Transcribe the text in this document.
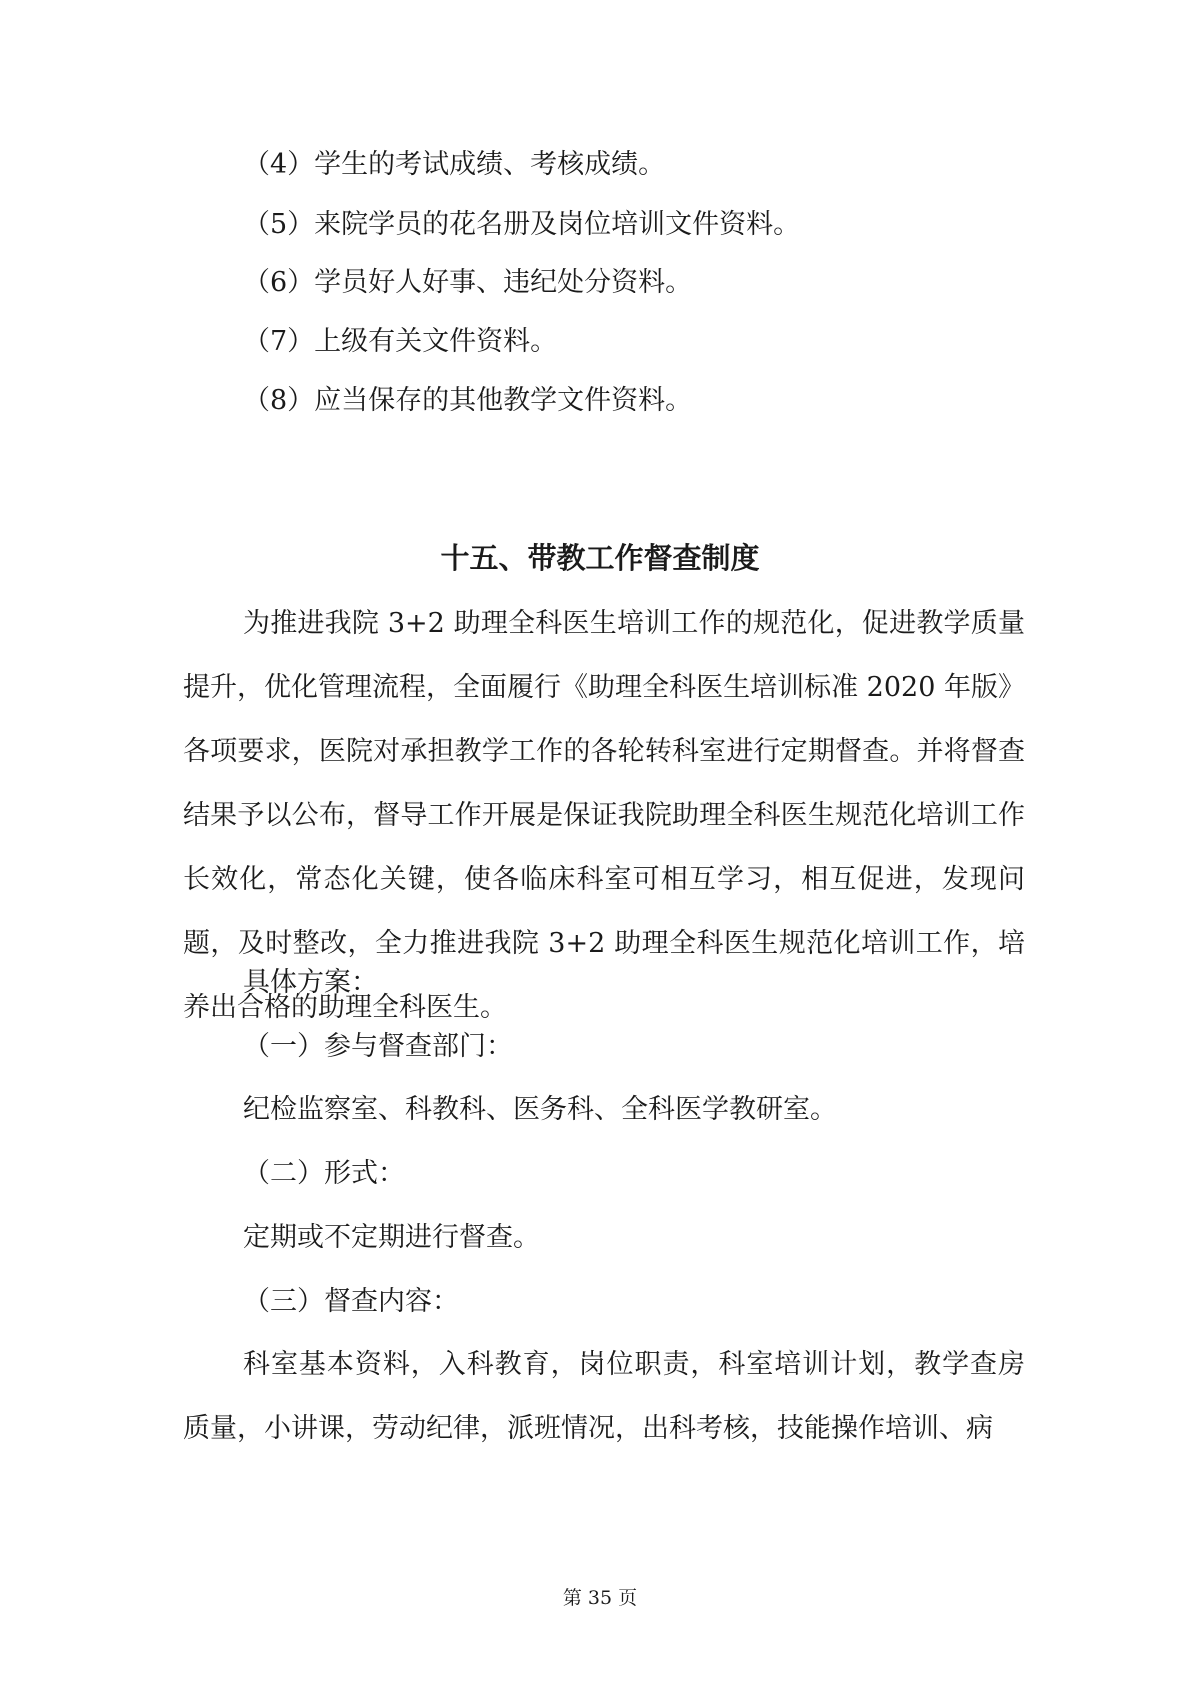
（4）学生的考试成绩、考核成绩。
（5）来院学员的花名册及岗位培训文件资料。
（6）学员好人好事、违纪处分资料。
（7）上级有关文件资料。
（8）应当保存的其他教学文件资料。
十五、带教工作督查制度

为推进我院 3+2 助理全科医生培训工作的规范化，促进教学质量提升，优化管理流程，全面履行《助理全科医生培训标准 2020 年版》各项要求，医院对承担教学工作的各轮转科室进行定期督查。并将督查结果予以公布，督导工作开展是保证我院助理全科医生规范化培训工作长效化，常态化关键，使各临床科室可相互学习，相互促进，发现问题，及时整改，全力推进我院 3+2 助理全科医生规范化培训工作，培养出合格的助理全科医生。

具体方案：
（一）参与督查部门：
纪检监察室、科教科、医务科、全科医学教研室。
（二）形式：
定期或不定期进行督查。
（三）督查内容：

科室基本资料，入科教育，岗位职责，科室培训计划，教学查房质量，小讲课，劳动纪律，派班情况，出科考核，技能操作培训、病

第 35 页
